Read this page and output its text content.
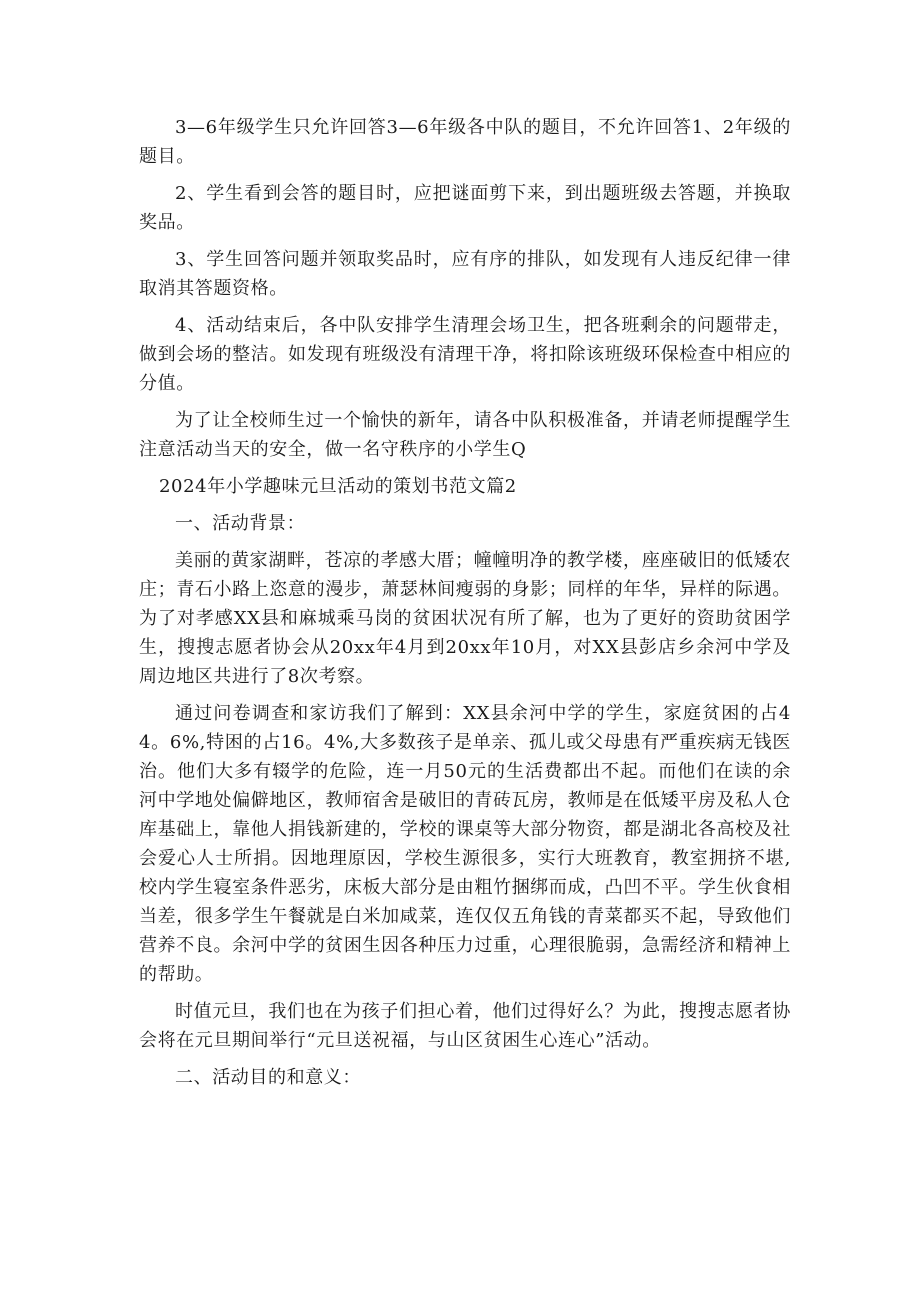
3—6年级学生只允许回答3—6年级各中队的题目，不允许回答1、2年级的题目。

2、学生看到会答的题目时，应把谜面剪下来，到出题班级去答题，并换取奖品。

3、学生回答问题并领取奖品时，应有序的排队，如发现有人违反纪律一律取消其答题资格。

4、活动结束后，各中队安排学生清理会场卫生，把各班剩余的问题带走，做到会场的整洁。如发现有班级没有清理干净，将扣除该班级环保检查中相应的分值。

为了让全校师生过一个愉快的新年，请各中队积极准备，并请老师提醒学生注意活动当天的安全，做一名守秩序的小学生Q

2024年小学趣味元旦活动的策划书范文篇2

一、活动背景：

美丽的黄家湖畔，苍凉的孝感大厝；幢幢明净的教学楼，座座破旧的低矮农庄；青石小路上恣意的漫步，萧瑟林间瘦弱的身影；同样的年华，异样的际遇。为了对孝感XX县和麻城乘马岗的贫困状况有所了解，也为了更好的资助贫困学生，搜搜志愿者协会从20xx年4月到20xx年10月，对XX县彭店乡余河中学及周边地区共进行了8次考察。

通过问卷调查和家访我们了解到：XX县余河中学的学生，家庭贫困的占44。6%,特困的占16。4%,大多数孩子是单亲、孤儿或父母患有严重疾病无钱医治。他们大多有辍学的危险，连一月50元的生活费都出不起。而他们在读的余河中学地处偏僻地区，教师宿舍是破旧的青砖瓦房，教师是在低矮平房及私人仓库基础上，靠他人捐钱新建的，学校的课桌等大部分物资，都是湖北各高校及社会爱心人士所捐。因地理原因，学校生源很多，实行大班教育，教室拥挤不堪,校内学生寝室条件恶劣，床板大部分是由粗竹捆绑而成，凸凹不平。学生伙食相当差，很多学生午餐就是白米加咸菜，连仅仅五角钱的青菜都买不起，导致他们营养不良。余河中学的贫困生因各种压力过重，心理很脆弱，急需经济和精神上的帮助。

时值元旦，我们也在为孩子们担心着，他们过得好么？为此，搜搜志愿者协会将在元旦期间举行“元旦送祝福，与山区贫困生心连心”活动。

二、活动目的和意义：
